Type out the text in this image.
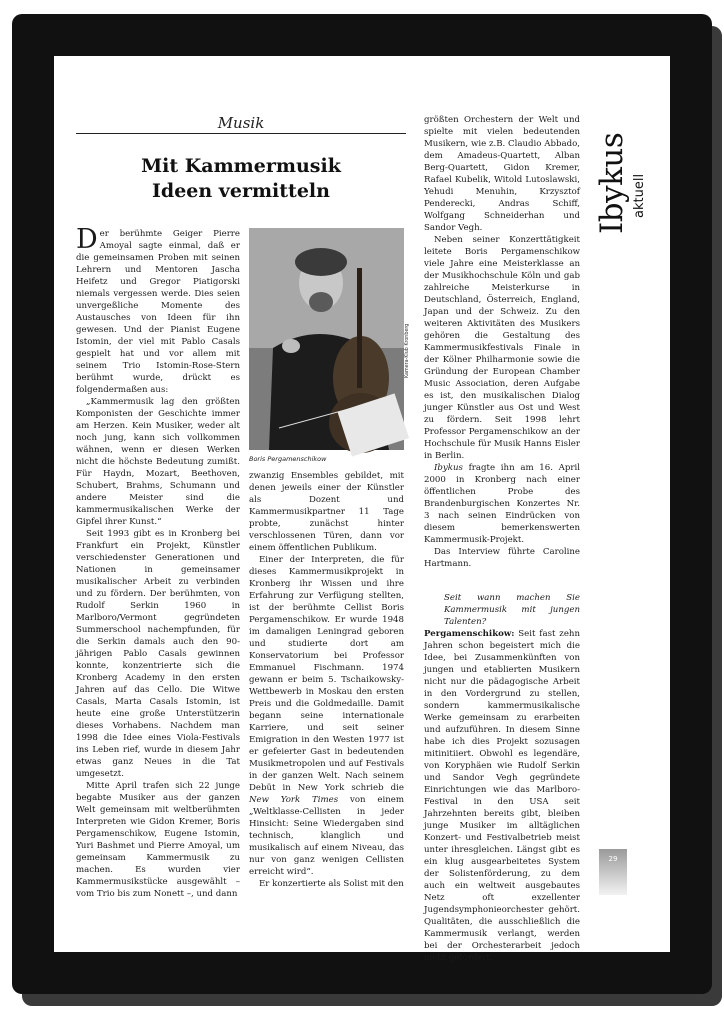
Musik
Mit Kammermusik
Ideen vermitteln

Der berühmte Geiger Pierre Amoyal sagte einmal, daß er die gemeinsamen Proben mit seinen Lehrern und Mentoren Jascha Heifetz und Gregor Piatigorski niemals vergessen werde. Dies seien unvergeßliche Momente des Austausches von Ideen für ihn gewesen. Und der Pianist Eugene Istomin, der viel mit Pablo Casals gespielt hat und vor allem mit seinem Trio Istomin-Rose-Stern berühmt wurde, drückt es folgendermaßen aus:

„Kammermusik lag den größten Komponisten der Geschichte immer am Herzen. Kein Musiker, weder alt noch jung, kann sich vollkommen wähnen, wenn er diesen Werken nicht die höchste Bedeutung zumißt. Für Haydn, Mozart, Beethoven, Schubert, Brahms, Schumann und andere Meister sind die kammermusikalischen Werke der Gipfel ihrer Kunst.“

Seit 1993 gibt es in Kronberg bei Frankfurt ein Projekt, Künstler verschiedenster Generationen und Nationen in gemeinsamer musikalischer Arbeit zu verbinden und zu fördern. Der berühmten, von Rudolf Serkin 1960 in Marlboro/Vermont gegründeten Summerschool nachempfunden, für die Serkin damals auch den 90-jährigen Pablo Casals gewinnen konnte, konzentrierte sich die Kronberg Academy in den ersten Jahren auf das Cello. Die Witwe Casals, Marta Casals Istomin, ist heute eine große Unterstützerin dieses Vorhabens. Nachdem man 1998 die Idee eines Viola-Festivals ins Leben rief, wurde in diesem Jahr etwas ganz Neues in die Tat umgesetzt.

Mitte April trafen sich 22 junge begabte Musiker aus der ganzen Welt gemeinsam mit weltberühmten Interpreten wie Gidon Kremer, Boris Pergamenschikow, Eugene Istomin, Yuri Bashmet und Pierre Amoyal, um gemeinsam Kammermusik zu machen. Es wurden vier Kammermusikstücke ausgewählt – vom Trio bis zum Nonett –, und dann

Kamera-Klub Kronberg
Boris Pergamenschikow

zwanzig Ensembles gebildet, mit denen jeweils einer der Künstler als Dozent und Kammermusikpartner 11 Tage probte, zunächst hinter verschlossenen Türen, dann vor einem öffentlichen Publikum.

Einer der Interpreten, die für dieses Kammermusikprojekt in Kronberg ihr Wissen und ihre Erfahrung zur Verfügung stellten, ist der berühmte Cellist Boris Pergamenschikow. Er wurde 1948 im damaligen Leningrad geboren und studierte dort am Konservatorium bei Professor Emmanuel Fischmann. 1974 gewann er beim 5. Tschaikowsky-Wettbewerb in Moskau den ersten Preis und die Goldmedaille. Damit begann seine internationale Karriere, und seit seiner Emigration in den Westen 1977 ist er gefeierter Gast in bedeutenden Musikmetropolen und auf Festivals in der ganzen Welt. Nach seinem Debüt in New York schrieb die New York Times von einem „Weltklasse-Cellisten in jeder Hinsicht: Seine Wiedergaben sind technisch, klanglich und musikalisch auf einem Niveau, das nur von ganz wenigen Cellisten erreicht wird“.

Er konzertierte als Solist mit den

größten Orchestern der Welt und spielte mit vielen bedeutenden Musikern, wie z.B. Claudio Abbado, dem Amadeus-Quartett, Alban Berg-Quartett, Gidon Kremer, Rafael Kubelik, Witold Lutoslawski, Yehudi Menuhin, Krzysztof Penderecki, Andras Schiff, Wolfgang Schneiderhan und Sandor Vegh.

Neben seiner Konzerttätigkeit leitete Boris Pergamenschikow viele Jahre eine Meisterklasse an der Musikhochschule Köln und gab zahlreiche Meisterkurse in Deutschland, Österreich, England, Japan und der Schweiz. Zu den weiteren Aktivitäten des Musikers gehören die Gestaltung des Kammermusikfestivals Finale in der Kölner Philharmonie sowie die Gründung der European Chamber Music Association, deren Aufgabe es ist, den musikalischen Dialog junger Künstler aus Ost und West zu fördern. Seit 1998 lehrt Professor Pergamenschikow an der Hochschule für Musik Hanns Eisler in Berlin.

Ibykus fragte ihn am 16. April 2000 in Kronberg nach einer öffentlichen Probe des Brandenburgischen Konzertes Nr. 3 nach seinen Eindrücken von diesem bemerkenswerten Kammermusik-Projekt.

Das Interview führte Caroline Hartmann.

Seit wann machen Sie Kammermusik mit jungen Talenten?

Pergamenschikow: Seit fast zehn Jahren schon begeistert mich die Idee, bei Zusammenkünften von jungen und etablierten Musikern nicht nur die pädagogische Arbeit in den Vordergrund zu stellen, sondern kammermusikalische Werke gemeinsam zu erarbeiten und aufzuführen. In diesem Sinne habe ich dies Projekt sozusagen mitinitiiert. Obwohl es legendäre, von Koryphäen wie Rudolf Serkin und Sandor Vegh gegründete Einrichtungen wie das Marlboro-Festival in den USA seit Jahrzehnten bereits gibt, bleiben junge Musiker im alltäglichen Konzert- und Festivalbetrieb meist unter ihresgleichen. Längst gibt es ein klug ausgearbeitetes System der Solistenförderung, zu dem auch ein weltweit ausgebautes Netz oft exzellenter Jugendsymphonieorchester gehört. Qualitäten, die ausschließlich die Kammermusik verlangt, werden bei der Orchesterarbeit jedoch nicht gefördert.

Ibykus aktuell
29
